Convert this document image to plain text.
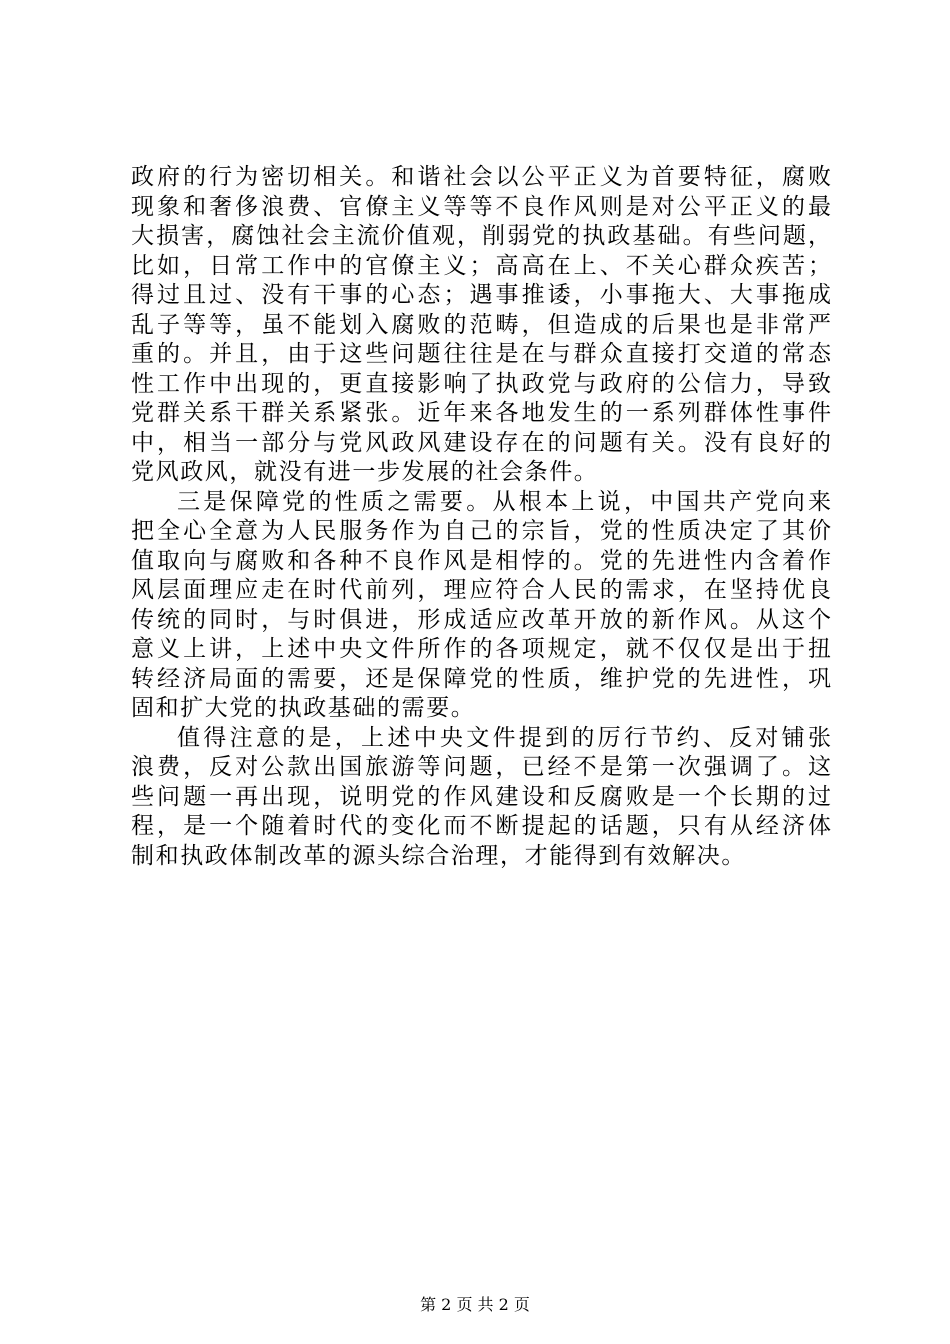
政府的行为密切相关。和谐社会以公平正义为首要特征，腐败
现象和奢侈浪费、官僚主义等等不良作风则是对公平正义的最
大损害，腐蚀社会主流价值观，削弱党的执政基础。有些问题，
比如，日常工作中的官僚主义；高高在上、不关心群众疾苦；
得过且过、没有干事的心态；遇事推诿，小事拖大、大事拖成
乱子等等，虽不能划入腐败的范畴，但造成的后果也是非常严
重的。并且，由于这些问题往往是在与群众直接打交道的常态
性工作中出现的，更直接影响了执政党与政府的公信力，导致
党群关系干群关系紧张。近年来各地发生的一系列群体性事件
中，相当一部分与党风政风建设存在的问题有关。没有良好的
党风政风，就没有进一步发展的社会条件。
三是保障党的性质之需要。从根本上说，中国共产党向来
把全心全意为人民服务作为自己的宗旨，党的性质决定了其价
值取向与腐败和各种不良作风是相悖的。党的先进性内含着作
风层面理应走在时代前列，理应符合人民的需求，在坚持优良
传统的同时，与时俱进，形成适应改革开放的新作风。从这个
意义上讲，上述中央文件所作的各项规定，就不仅仅是出于扭
转经济局面的需要，还是保障党的性质，维护党的先进性，巩
固和扩大党的执政基础的需要。
值得注意的是，上述中央文件提到的厉行节约、反对铺张
浪费，反对公款出国旅游等问题，已经不是第一次强调了。这
些问题一再出现，说明党的作风建设和反腐败是一个长期的过
程，是一个随着时代的变化而不断提起的话题，只有从经济体
制和执政体制改革的源头综合治理，才能得到有效解决。
第 2 页 共 2 页
